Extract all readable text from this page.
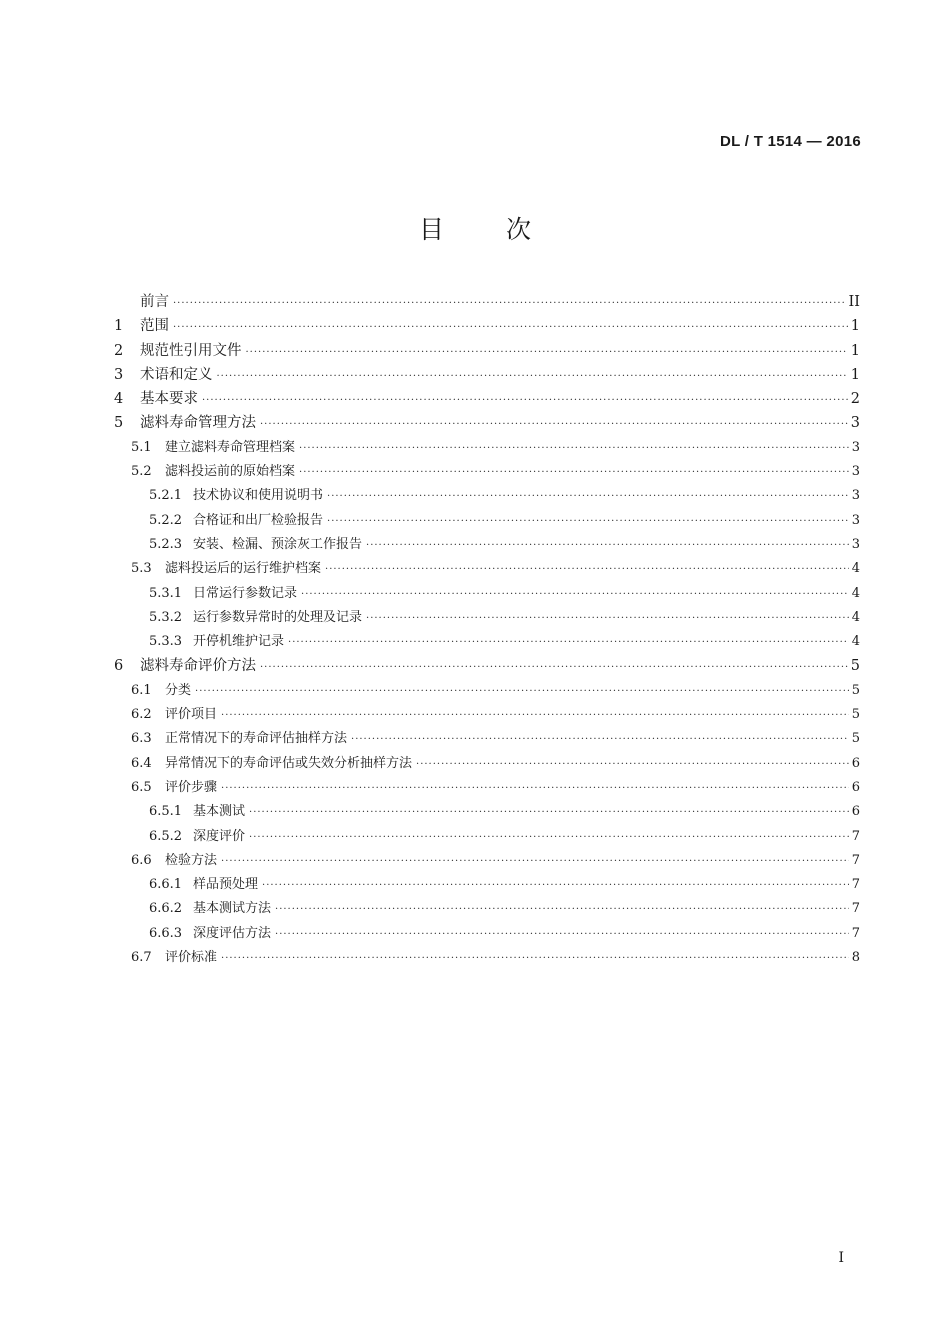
DL / T 1514 — 2016
目次
前言 ·····	II
1	范围 ·····	1
2	规范性引用文件 ·····	1
3	术语和定义 ·····	1
4	基本要求 ·····	2
5	滤料寿命管理方法 ·····	3
5.1	建立滤料寿命管理档案 ·····	3
5.2	滤料投运前的原始档案 ·····	3
5.2.1 技术协议和使用说明书 ·····	3
5.2.2 合格证和出厂检验报告 ·····	3
5.2.3 安装、检漏、预涂灰工作报告 ·····	3
5.3	滤料投运后的运行维护档案 ·····	4
5.3.1 日常运行参数记录 ·····	4
5.3.2 运行参数异常时的处理及记录 ·····	4
5.3.3 开停机维护记录 ·····	4
6	滤料寿命评价方法 ·····	5
6.1	分类 ·····	5
6.2	评价项目 ·····	5
6.3	正常情况下的寿命评估抽样方法 ·····	5
6.4	异常情况下的寿命评估或失效分析抽样方法 ·····	6
6.5	评价步骤 ·····	6
6.5.1 基本测试 ·····	6
6.5.2 深度评价 ·····	7
6.6	检验方法 ·····	7
6.6.1 样品预处理 ·····	7
6.6.2 基本测试方法 ·····	7
6.6.3 深度评估方法 ·····	7
6.7	评价标准 ·····	8
I
